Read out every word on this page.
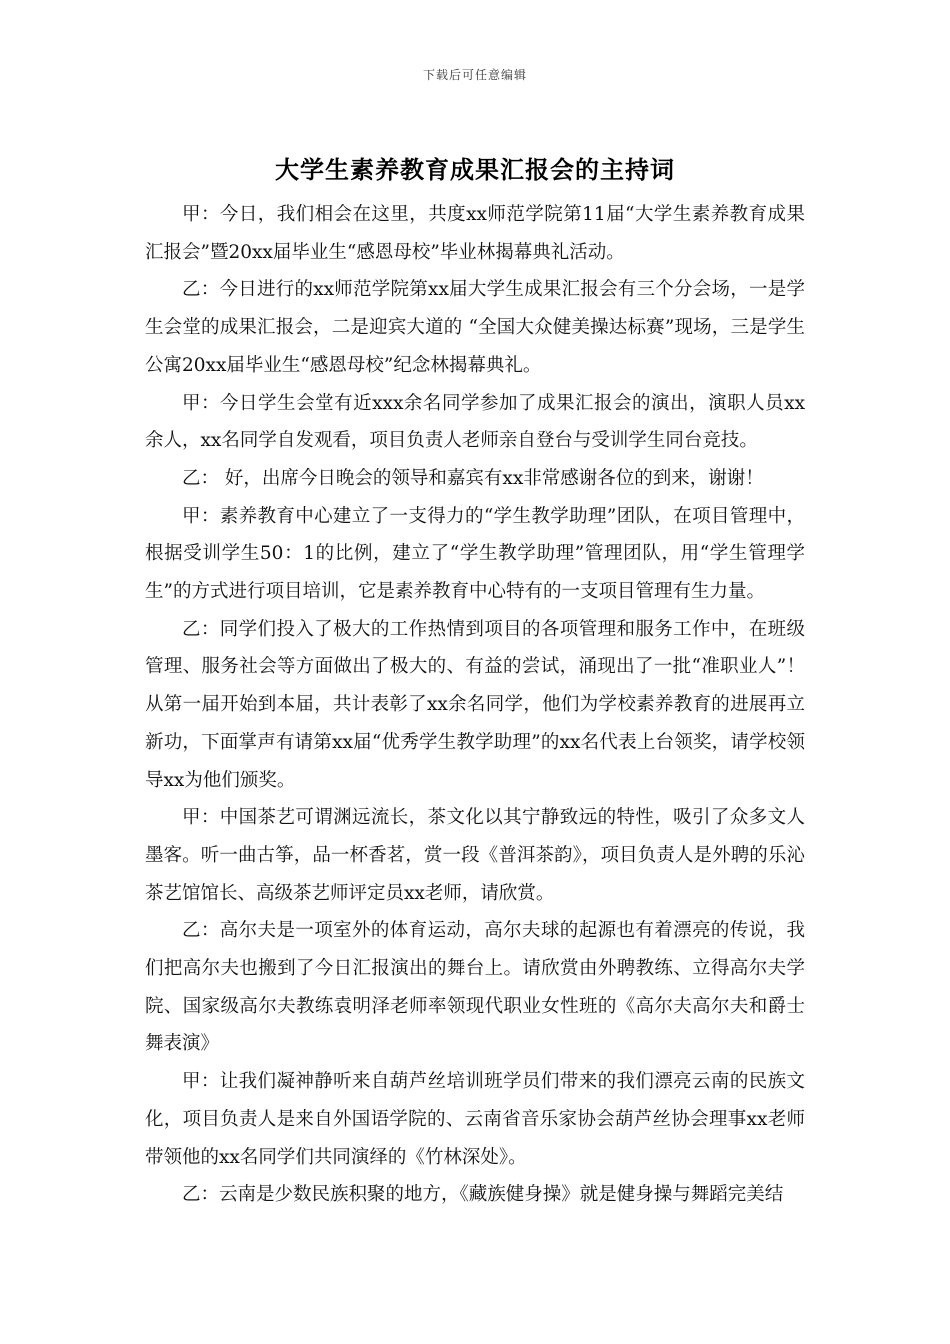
下载后可任意编辑
大学生素养教育成果汇报会的主持词

甲：今日，我们相会在这里，共度xx师范学院第11届“大学生素养教育成果汇报会”暨20xx届毕业生“感恩母校”毕业林揭幕典礼活动。

乙：今日进行的xx师范学院第xx届大学生成果汇报会有三个分会场，一是学生会堂的成果汇报会，二是迎宾大道的 “全国大众健美操达标赛”现场，三是学生公寓20xx届毕业生“感恩母校”纪念林揭幕典礼。

甲：今日学生会堂有近xxx余名同学参加了成果汇报会的演出，演职人员xx余人，xx名同学自发观看，项目负责人老师亲自登台与受训学生同台竞技。

乙： 好，出席今日晚会的领导和嘉宾有xx非常感谢各位的到来，谢谢！

甲：素养教育中心建立了一支得力的“学生教学助理”团队，在项目管理中，根据受训学生50：1的比例，建立了“学生教学助理”管理团队，用“学生管理学生”的方式进行项目培训，它是素养教育中心特有的一支项目管理有生力量。

乙：同学们投入了极大的工作热情到项目的各项管理和服务工作中，在班级管理、服务社会等方面做出了极大的、有益的尝试，涌现出了一批“准职业人”！从第一届开始到本届，共计表彰了xx余名同学，他们为学校素养教育的进展再立新功，下面掌声有请第xx届“优秀学生教学助理”的xx名代表上台领奖，请学校领导xx为他们颁奖。

甲：中国茶艺可谓渊远流长，茶文化以其宁静致远的特性，吸引了众多文人墨客。听一曲古筝，品一杯香茗，赏一段《普洱茶韵》，项目负责人是外聘的乐沁茶艺馆馆长、高级茶艺师评定员xx老师，请欣赏。

乙：高尔夫是一项室外的体育运动，高尔夫球的起源也有着漂亮的传说，我们把高尔夫也搬到了今日汇报演出的舞台上。请欣赏由外聘教练、立得高尔夫学院、国家级高尔夫教练袁明泽老师率领现代职业女性班的《高尔夫高尔夫和爵士舞表演》

甲：让我们凝神静听来自葫芦丝培训班学员们带来的我们漂亮云南的民族文化，项目负责人是来自外国语学院的、云南省音乐家协会葫芦丝协会理事xx老师带领他的xx名同学们共同演绎的《竹林深处》。

乙：云南是少数民族积聚的地方，《藏族健身操》就是健身操与舞蹈完美结
